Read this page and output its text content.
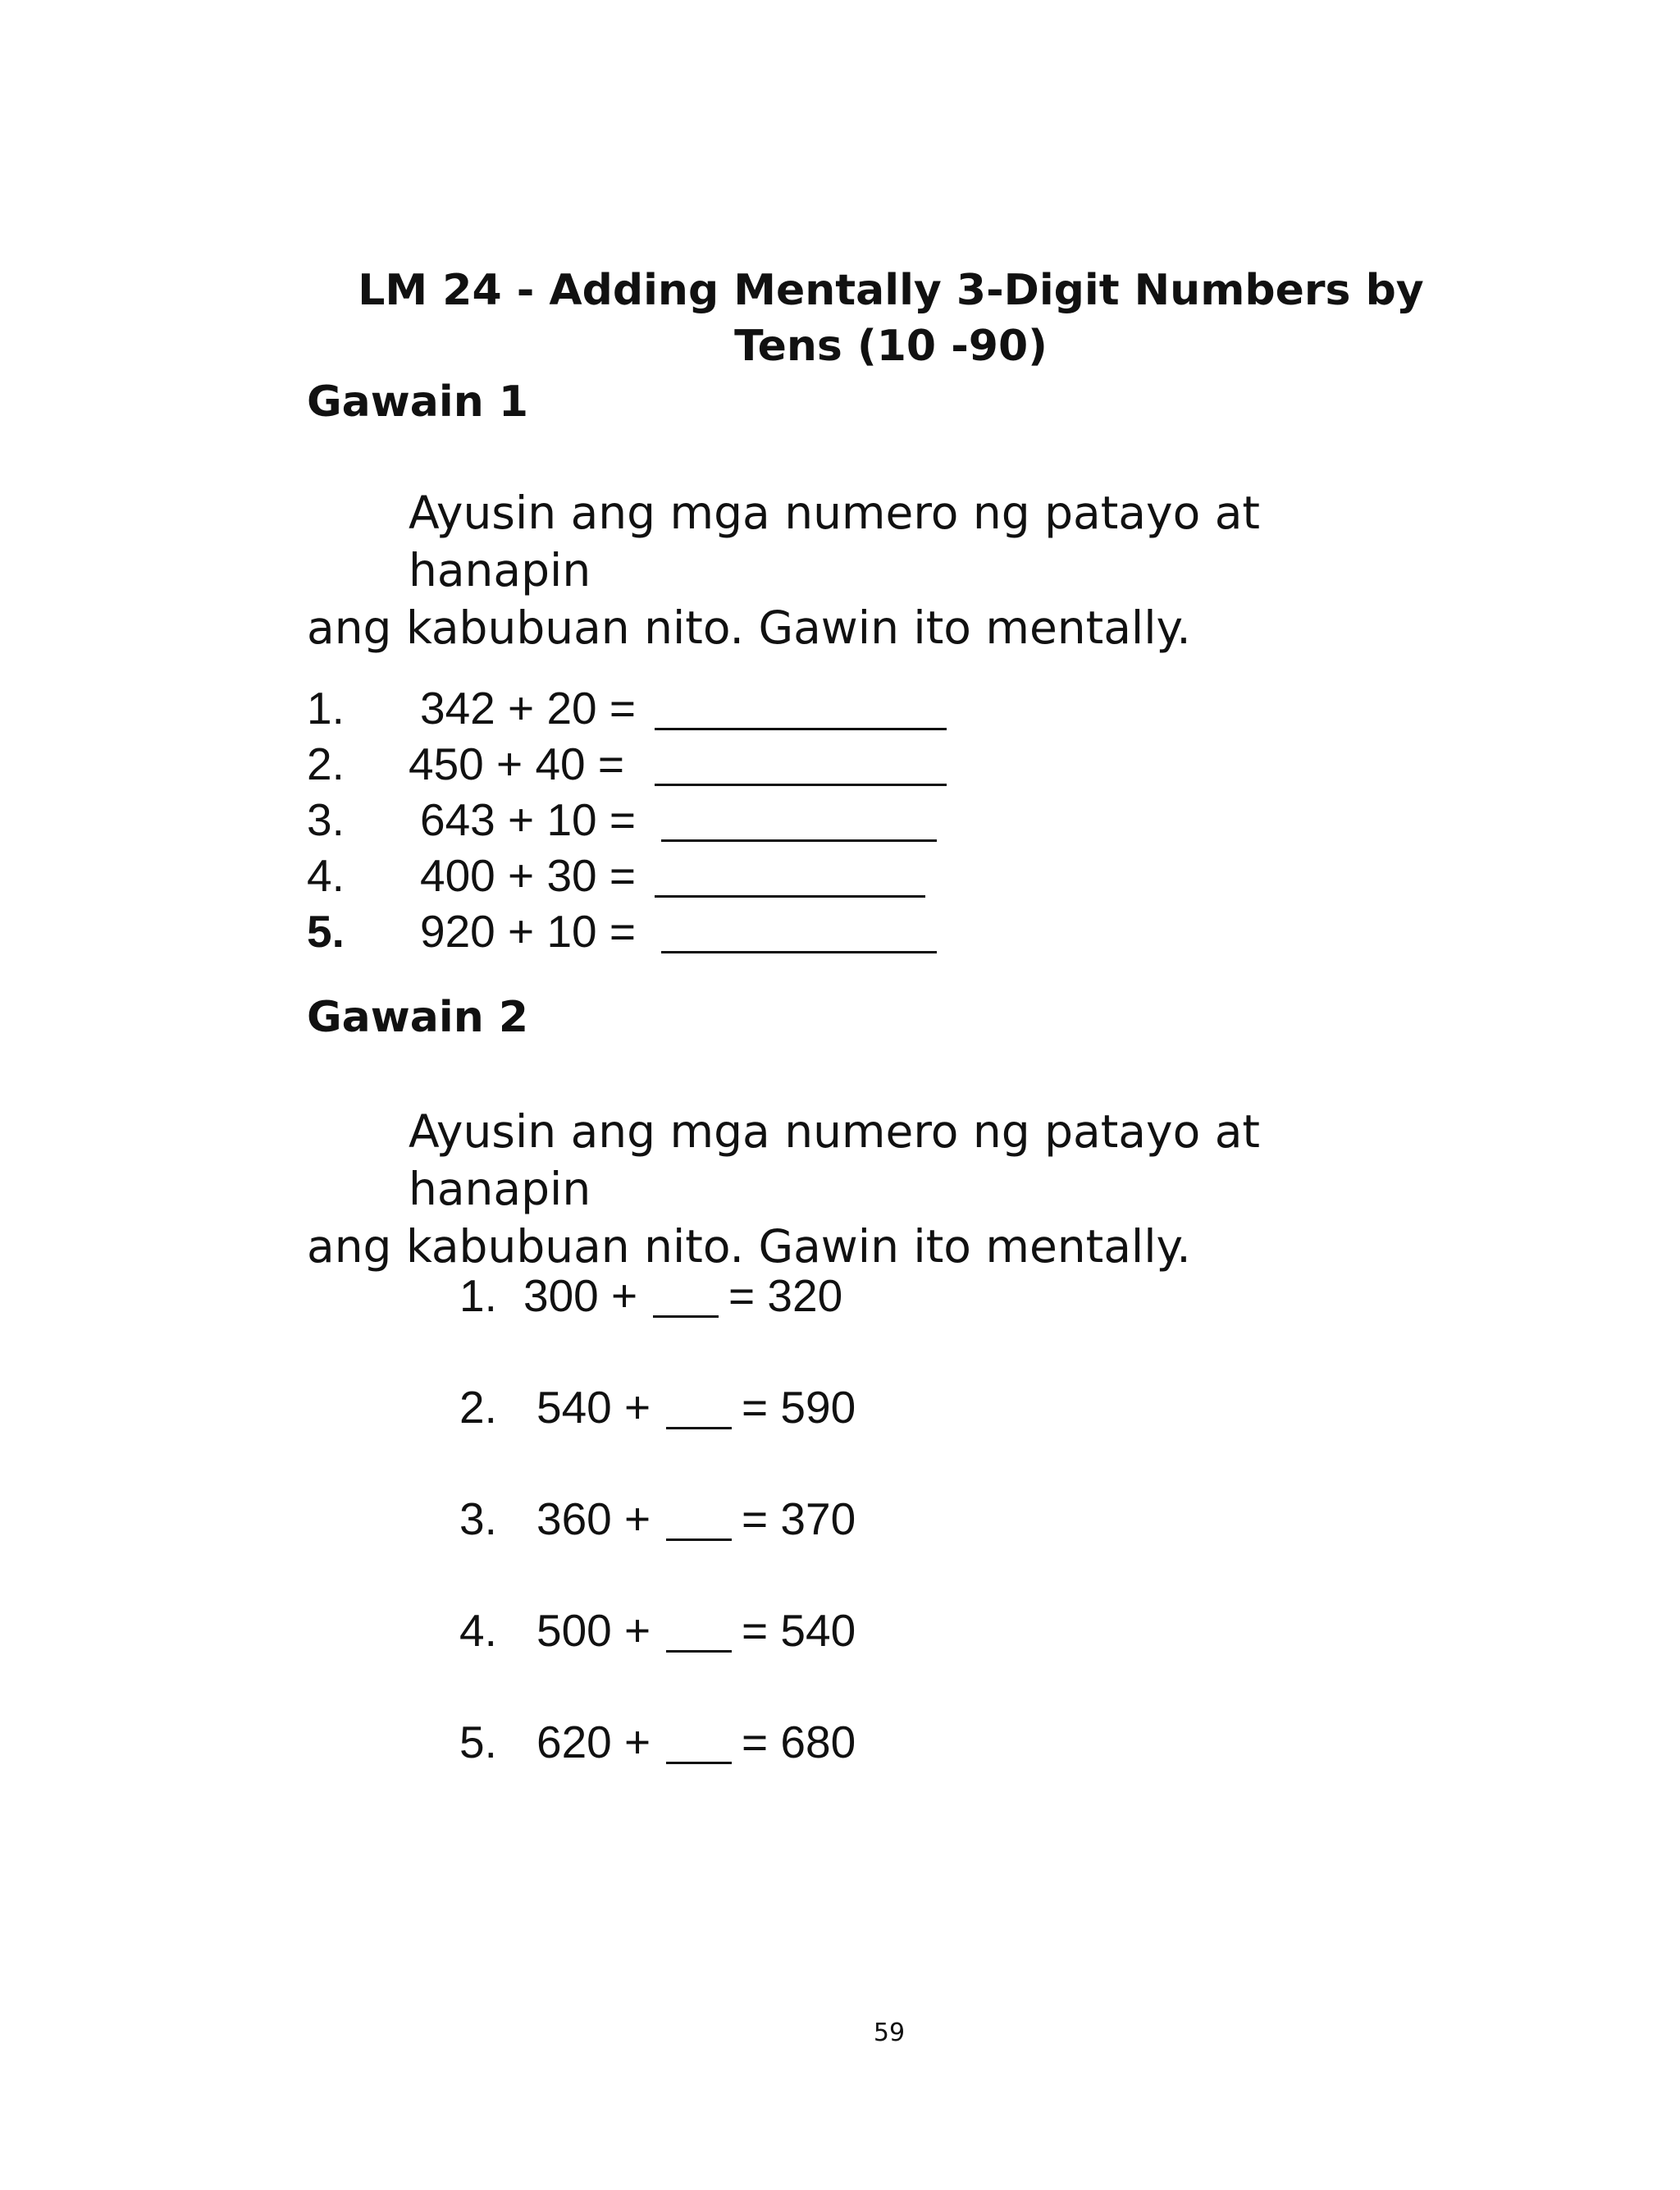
LM 24 - Adding Mentally 3-Digit Numbers by
Tens (10 -90)
Gawain 1
Ayusin ang mga numero ng patayo at hanapin
ang kabubuan nito. Gawin ito mentally.
1. 342 + 20 =
2. 450 + 40 =
3. 643 + 10 =
4. 400 + 30 =
5. 920 + 10 =
Gawain 2
Ayusin ang mga numero ng patayo at hanapin
ang kabubuan nito. Gawin ito mentally.
1. 300 + = 320
2. 540 + = 590
3. 360 + = 370
4. 500 + = 540
5. 620 + = 680
59
